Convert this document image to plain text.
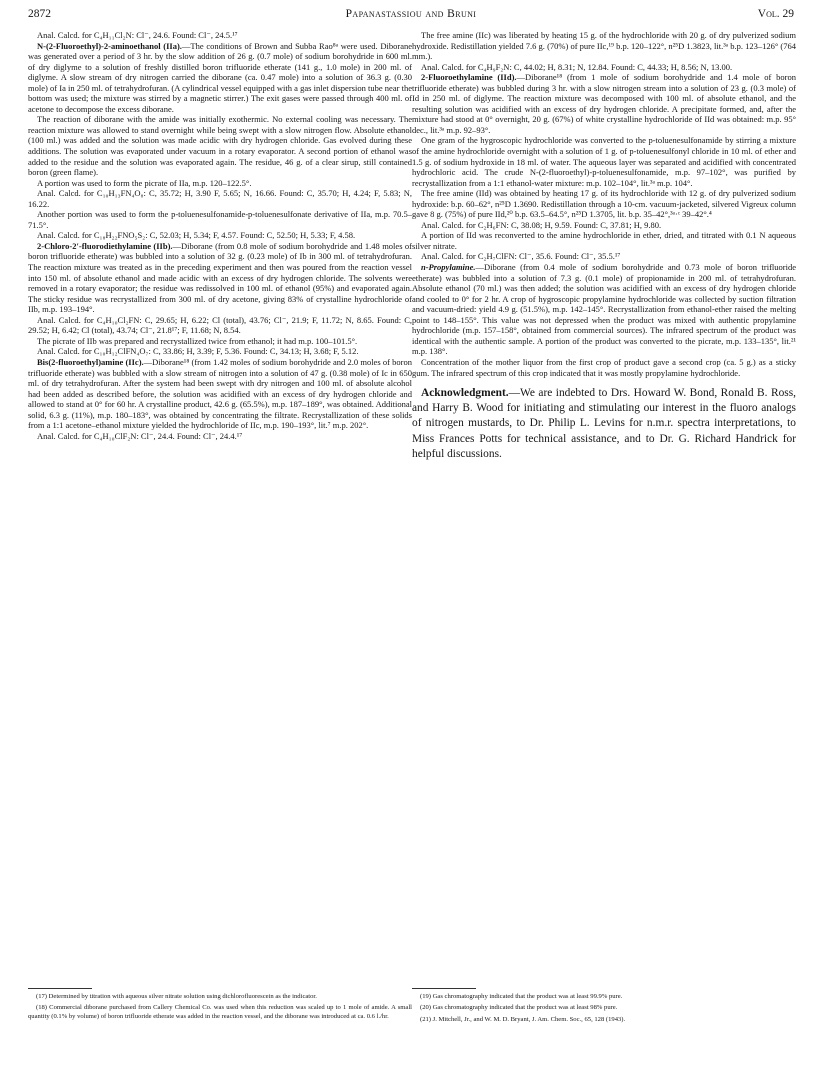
2872	Papanastassiou and Bruni	Vol. 29

Anal. Calcd. for C₄H₁₁Cl₂N: Cl⁻, 24.6. Found: Cl⁻, 24.5.¹⁷

N-(2-Fluoroethyl)-2-aminoethanol (IIa).—The conditions of Brown and Subba Rao⁸ᵃ were used. Diborane was generated over a period of 3 hr. by the slow addition of 26 g. (0.7 mole) of sodium borohydride in 600 ml. of dry diglyme to a solution of freshly distilled boron trifluoride etherate (141 g., 1.0 mole) in 200 ml. of diglyme. A slow stream of dry nitrogen carried the diborane (ca. 0.47 mole) into a solution of 36.3 g. (0.30 mole) of Ia in 250 ml. of tetrahydrofuran. (A cylindrical vessel equipped with a gas inlet dispersion tube near the bottom was used; the mixture was stirred by a magnetic stirrer.) The exit gases were passed through 400 ml. of acetone to decompose the excess diborane.

The reaction of diborane with the amide was initially exothermic. No external cooling was necessary. The reaction mixture was allowed to stand overnight while being swept with a slow nitrogen flow. Absolute ethanol (100 ml.) was added and the solution was made acidic with dry hydrogen chloride. Gas evolved during these additions. The solution was evaporated under vacuum in a rotary evaporator. A second portion of ethanol was added to the residue and the solution was evaporated again. The residue, 46 g. of a clear sirup, still contained boron (green flame).

A portion was used to form the picrate of IIa, m.p. 120–122.5°.

Anal. Calcd. for C₁₀H₁₃FN₄O₈: C, 35.72; H, 3.90 F, 5.65; N, 16.66. Found: C, 35.70; H, 4.24; F, 5.83; N, 16.22.

Another portion was used to form the p-toluenesulfonamide-p-toluenesulfonate derivative of IIa, m.p. 70.5–71.5°.

Anal. Calcd. for C₁₈H₂₂FNO₅S₂: C, 52.03; H, 5.34; F, 4.57. Found: C, 52.50; H, 5.33; F, 4.58.

2-Chloro-2′-fluorodiethylamine (IIb).—Diborane (from 0.8 mole of sodium borohydride and 1.48 moles of boron trifluoride etherate) was bubbled into a solution of 32 g. (0.23 mole) of Ib in 300 ml. of tetrahydrofuran. The reaction mixture was treated as in the preceding experiment and then was poured from the reaction vessel into 150 ml. of absolute ethanol and made acidic with an excess of dry hydrogen chloride. The solvents were removed in a rotary evaporator; the residue was redissolved in 100 ml. of ethanol (95%) and evaporated again. The sticky residue was recrystallized from 300 ml. of dry acetone, giving 83% of crystalline hydrochloride of IIb, m.p. 193–194°.

Anal. Calcd. for C₄H₁₀Cl₂FN: C, 29.65; H, 6.22; Cl (total), 43.76; Cl⁻, 21.9; F, 11.72; N, 8.65. Found: C, 29.52; H, 6.42; Cl (total), 43.74; Cl⁻, 21.8¹⁷; F, 11.68; N, 8.54.

The picrate of IIb was prepared and recrystallized twice from ethanol; it had m.p. 100–101.5°.

Anal. Calcd. for C₁₀H₁₂ClFN₄O₇: C, 33.86; H, 3.39; F, 5.36. Found: C, 34.13; H, 3.68; F, 5.12.

Bis(2-fluoroethyl)amine (IIc).—Diborane¹⁸ (from 1.42 moles of sodium borohydride and 2.0 moles of boron trifluoride etherate) was bubbled with a slow stream of nitrogen into a solution of 47 g. (0.38 mole) of Ic in 650 ml. of dry tetrahydrofuran. After the system had been swept with dry nitrogen and 100 ml. of absolute alcohol had been added as described before, the solution was acidified with an excess of dry hydrogen chloride and allowed to stand at 0° for 60 hr. A crystalline product, 42.6 g. (65.5%), m.p. 187–189°, was obtained. Additional solid, 6.3 g. (11%), m.p. 180–183°, was obtained by concentrating the filtrate. Recrystallization of these solids from a 1:1 acetone–ethanol mixture yielded the hydrochloride of IIc, m.p. 190–193°, lit.⁷ m.p. 202°.

Anal. Calcd. for C₄H₁₀ClF₂N: Cl⁻, 24.4. Found: Cl⁻, 24.4.¹⁷

The free amine (IIc) was liberated by heating 15 g. of the hydrochloride with 20 g. of dry pulverized sodium hydroxide. Redistillation yielded 7.6 g. (70%) of pure IIc,¹⁹ b.p. 120–122°, n²⁵D 1.3823, lit.³ᵃ b.p. 123–126° (764 mm.).

Anal. Calcd. for C₄H₉F₂N: C, 44.02; H, 8.31; N, 12.84. Found: C, 44.33; H, 8.56; N, 13.00.

2-Fluoroethylamine (IId).—Diborane¹⁸ (from 1 mole of sodium borohydride and 1.4 mole of boron trifluoride etherate) was bubbled during 3 hr. with a slow nitrogen stream into a solution of 23 g. (0.3 mole) of Id in 250 ml. of diglyme. The reaction mixture was decomposed with 100 ml. of absolute ethanol, and the resulting solution was acidified with an excess of dry hydrogen chloride. A precipitate formed, and, after the mixture had stood at 0° overnight, 20 g. (67%) of white crystalline hydrochloride of IId was obtained: m.p. 95° dec., lit.³ᵃ m.p. 92–93°.

One gram of the hygroscopic hydrochloride was converted to the p-toluenesulfonamide by stirring a mixture of the amine hydrochloride overnight with a solution of 1 g. of p-toluenesulfonyl chloride in 10 ml. of ether and 1.5 g. of sodium hydroxide in 18 ml. of water. The aqueous layer was separated and acidified with concentrated hydrochloric acid. The crude N-(2-fluoroethyl)-p-toluenesulfonamide, m.p. 97–102°, was purified by recrystallization from a 1:1 ethanol-water mixture: m.p. 102–104°, lit.³ᵃ m.p. 104°.

The free amine (IId) was obtained by heating 17 g. of its hydrochloride with 12 g. of dry pulverized sodium hydroxide: b.p. 60–62°, n²⁵D 1.3690. Redistillation through a 10-cm. vacuum-jacketed, silvered Vigreux column gave 8 g. (75%) of pure IId,²⁰ b.p. 63.5–64.5°, n²⁵D 1.3705, lit. b.p. 35–42°,³ᵃ·ᶜ 39–42°.⁴

Anal. Calcd. for C₂H₆FN: C, 38.08; H, 9.59. Found: C, 37.81; H, 9.80.

A portion of IId was reconverted to the amine hydrochloride in ether, dried, and titrated with 0.1 N aqueous silver nitrate.

Anal. Calcd. for C₂H₇ClFN: Cl⁻, 35.6. Found: Cl⁻, 35.5.¹⁷

n-Propylamine.—Diborane (from 0.4 mole of sodium borohydride and 0.73 mole of boron trifluoride etherate) was bubbled into a solution of 7.3 g. (0.1 mole) of propionamide in 200 ml. of tetrahydrofuran. Absolute ethanol (70 ml.) was then added; the solution was acidified with an excess of dry hydrogen chloride and cooled to 0° for 2 hr. A crop of hygroscopic propylamine hydrochloride was collected by suction filtration and vacuum-dried: yield 4.9 g. (51.5%), m.p. 142–145°. Recrystallization from ethanol-ether raised the melting point to 148–155°. This value was not depressed when the product was mixed with authentic propylamine hydrochloride (m.p. 157–158°, obtained from commercial sources). The infrared spectrum of the product was identical with the authentic sample. A portion of the product was converted to the picrate, m.p. 133–135°, lit.²¹ m.p. 138°.

Concentration of the mother liquor from the first crop of product gave a second crop (ca. 5 g.) as a sticky gum. The infrared spectrum of this crop indicated that it was mostly propylamine hydrochloride.

Acknowledgment.—We are indebted to Drs. Howard W. Bond, Ronald B. Ross, and Harry B. Wood for initiating and stimulating our interest in the fluoro analogs of nitrogen mustards, to Dr. Philip L. Levins for n.m.r. spectra interpretations, to Miss Frances Potts for technical assistance, and to Dr. G. Richard Handrick for helpful discussions.

(17) Determined by titration with aqueous silver nitrate solution using dichlorofluorescein as the indicator.

(18) Commercial diborane purchased from Callery Chemical Co. was used when this reduction was scaled up to 1 mole of amide. A small quantity (0.1% by volume) of boron trifluoride etherate was added in the reaction vessel, and the diborane was introduced at ca. 0.6 l./hr.

(19) Gas chromatography indicated that the product was at least 99.9% pure.

(20) Gas chromatography indicated that the product was at least 98% pure.

(21) J. Mitchell, Jr., and W. M. D. Bryant, J. Am. Chem. Soc., 65, 128 (1943).
